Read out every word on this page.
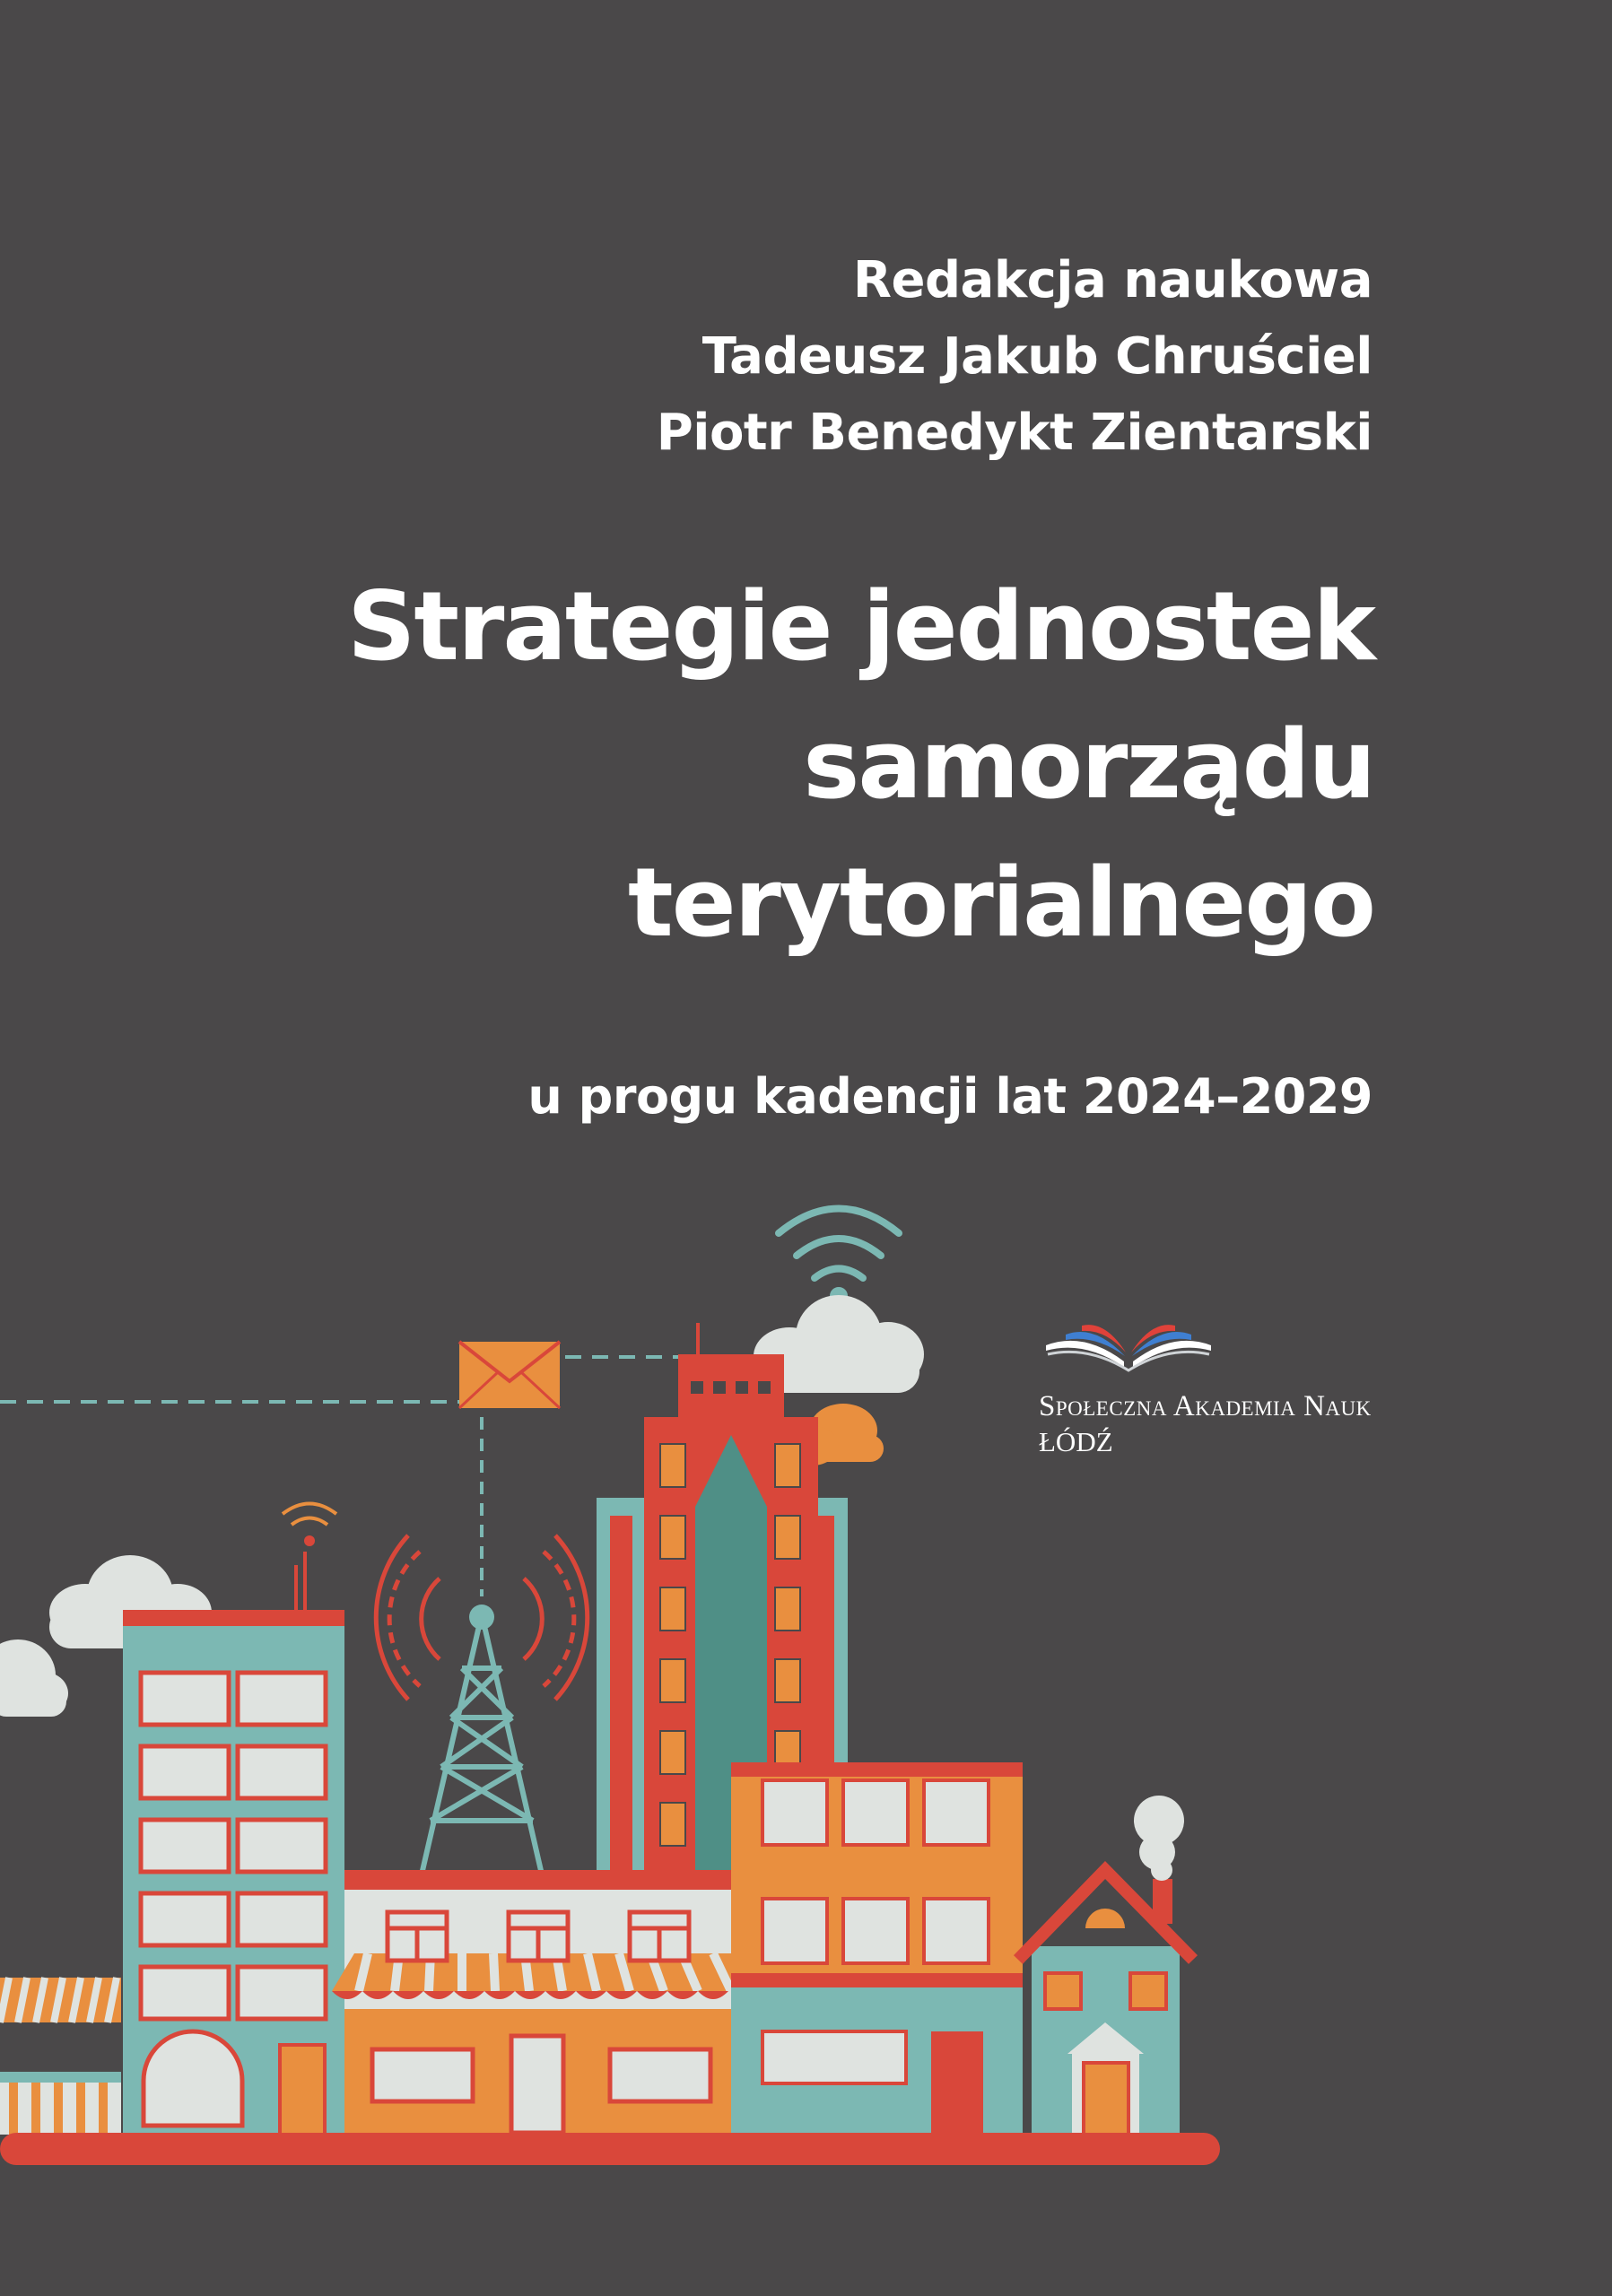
Redakcja naukowa
Tadeusz Jakub Chruściel
Piotr Benedykt Zientarski
Strategie jednostek
samorządu
terytorialnego
u progu kadencji lat 2024–2029
Społeczna Akademia Nauk
ŁÓDŹ
